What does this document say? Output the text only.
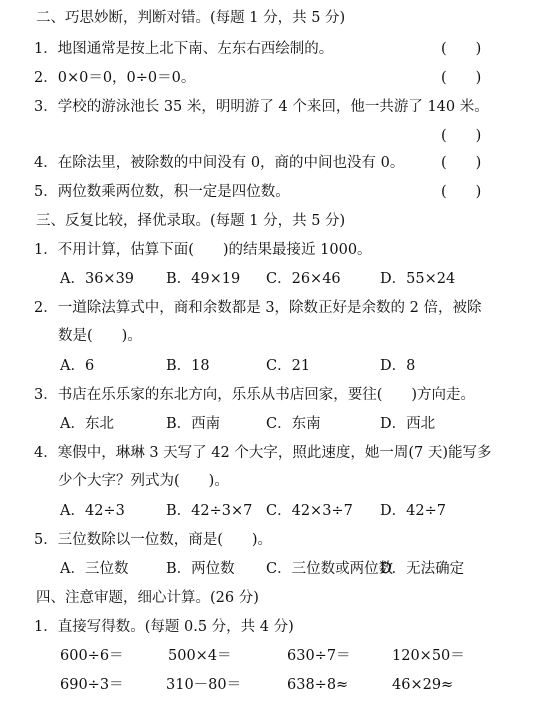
二、巧思妙断，判断对错。(每题 1 分，共 5 分)
1．地图通常是按上北下南、左东右西绘制的。	(　　)
2．0×0＝0，0÷0＝0。	(　　)
3．学校的游泳池长 35 米，明明游了 4 个来回，他一共游了 140 米。
(　　)
4．在除法里，被除数的中间没有 0，商的中间也没有 0。	(　　)
5．两位数乘两位数，积一定是四位数。	(　　)
三、反复比较，择优录取。(每题 1 分，共 5 分)
1．不用计算，估算下面(　　)的结果最接近 1000。
A．36×39 B．49×19 C．26×46	D．55×24
2．一道除法算式中，商和余数都是 3，除数正好是余数的 2 倍，被除
数是(　　)。
A．6	B．18	C．21	D．8
3．书店在乐乐家的东北方向，乐乐从书店回家，要往(　　)方向走。
A．东北	B．西南	C．东南	D．西北
4．寒假中，琳琳 3 天写了 42 个大字，照此速度，她一周(7 天)能写多
少个大字？列式为(　　)。
A．42÷3	B．42÷3×7 C．42×3÷7 D．42÷7
5．三位数除以一位数，商是(　　)。
A．三位数	B．两位数 C．三位数或两位数
D．无法确定
四、注意审题，细心计算。(26 分)
1．直接写得数。(每题 0.5 分，共 4 分)
600÷6＝	500×4＝	630÷7＝	120×50＝
690÷3＝	310－80＝	638÷8≈	46×29≈
